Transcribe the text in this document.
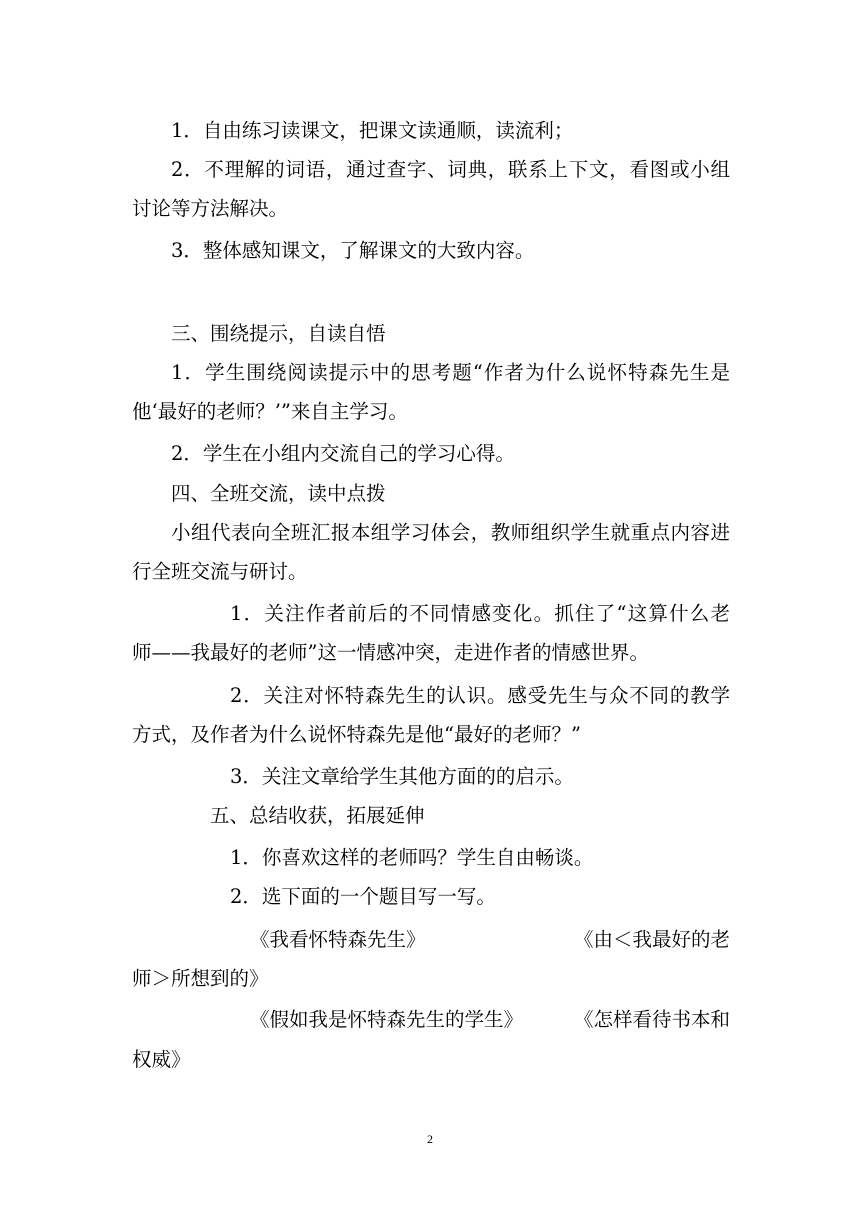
1．自由练习读课文，把课文读通顺，读流利；
2．不理解的词语，通过查字、词典，联系上下文，看图或小组
讨论等方法解决。
3．整体感知课文，了解课文的大致内容。
三、围绕提示，自读自悟
1．学生围绕阅读提示中的思考题“作者为什么说怀特森先生是
他‘最好的老师？’”来自主学习。
2．学生在小组内交流自己的学习心得。
四、全班交流，读中点拨
小组代表向全班汇报本组学习体会，教师组织学生就重点内容进
行全班交流与研讨。
1．关注作者前后的不同情感变化。抓住了“这算什么老
师——我最好的老师”这一情感冲突，走进作者的情感世界。
2．关注对怀特森先生的认识。感受先生与众不同的教学
方式，及作者为什么说怀特森先是他“最好的老师？”
3．关注文章给学生其他方面的的启示。
五、总结收获，拓展延伸
1．你喜欢这样的老师吗？学生自由畅谈。
2．选下面的一个题目写一写。
《我看怀特森先生》	《由＜我最好的老
师＞所想到的》
《假如我是怀特森先生的学生》	《怎样看待书本和
权威》
2
